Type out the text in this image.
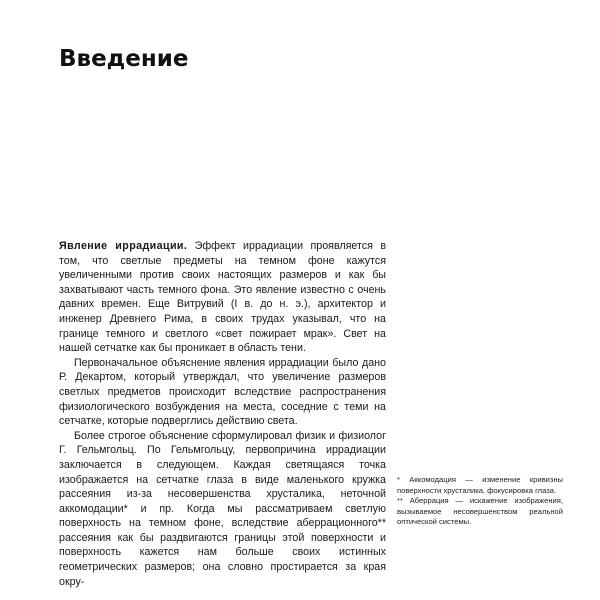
Введение

Явление иррадиации. Эффект иррадиации проявляется в том, что светлые предметы на темном фоне кажутся увеличенными против своих настоящих размеров и как бы захватывают часть темного фона. Это явление известно с очень давних времен. Еще Витрувий (I в. до н. э.), архитектор и инженер Древнего Рима, в своих трудах указывал, что на границе темного и светлого «свет пожирает мрак». Свет на нашей сетчатке как бы проникает в область тени.

Первоначальное объяснение явления иррадиации было дано Р. Декартом, который утверждал, что увеличение размеров светлых предметов происходит вследствие распространения физиологического возбуждения на места, соседние с теми на сетчатке, которые подверглись действию света.

Более строгое объяснение сформулировал физик и физиолог Г. Гельмгольц. По Гельмгольцу, первопричина иррадиации заключается в следующем. Каждая светящаяся точка изображается на сетчатке глаза в виде маленького кружка рассеяния из-за несовершенства хрусталика, неточной аккомодации* и пр. Когда мы рассматриваем светлую поверхность на темном фоне, вследствие аберрационного** рассеяния как бы раздвигаются границы этой поверхности и поверхность кажется нам больше своих истинных геометрических размеров; она словно простирается за края окру-

* Аккомодация — изменение кривизны поверхности хрусталика, фокусировка глаза.

** Аберрация — искажение изображения, вызываемое несовершенством реальной оптической системы.
